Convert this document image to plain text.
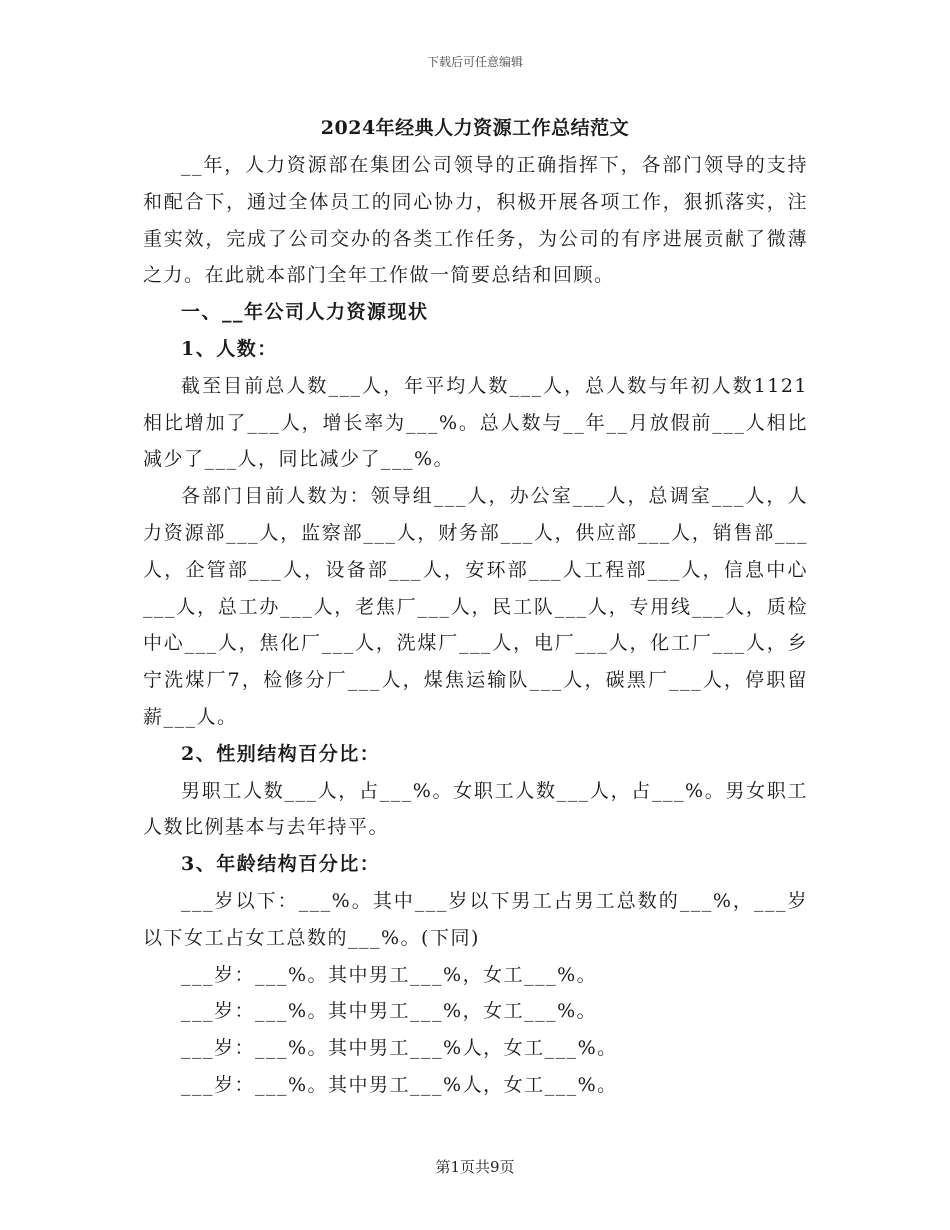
下载后可任意编辑
2024年经典人力资源工作总结范文

__年，人力资源部在集团公司领导的正确指挥下，各部门领导的支持和配合下，通过全体员工的同心协力，积极开展各项工作，狠抓落实，注重实效，完成了公司交办的各类工作任务，为公司的有序进展贡献了微薄之力。在此就本部门全年工作做一简要总结和回顾。

一、__年公司人力资源现状

1、人数：

截至目前总人数___人，年平均人数___人，总人数与年初人数1121相比增加了___人，增长率为___%。总人数与__年__月放假前___人相比减少了___人，同比减少了___%。

各部门目前人数为：领导组___人，办公室___人，总调室___人，人力资源部___人，监察部___人，财务部___人，供应部___人，销售部___人，企管部___人，设备部___人，安环部___人工程部___人，信息中心___人，总工办___人，老焦厂___人，民工队___人，专用线___人，质检中心___人，焦化厂___人，洗煤厂___人，电厂___人，化工厂___人，乡宁洗煤厂7，检修分厂___人，煤焦运输队___人，碳黑厂___人，停职留薪___人。

2、性别结构百分比：

男职工人数___人，占___%。女职工人数___人，占___%。男女职工人数比例基本与去年持平。

3、年龄结构百分比：

___岁以下：___%。其中___岁以下男工占男工总数的___%，___岁以下女工占女工总数的___%。(下同)

___岁：___%。其中男工___%，女工___%。

___岁：___%。其中男工___%，女工___%。

___岁：___%。其中男工___%人，女工___%。

___岁：___%。其中男工___%人，女工___%。

第1页共9页
